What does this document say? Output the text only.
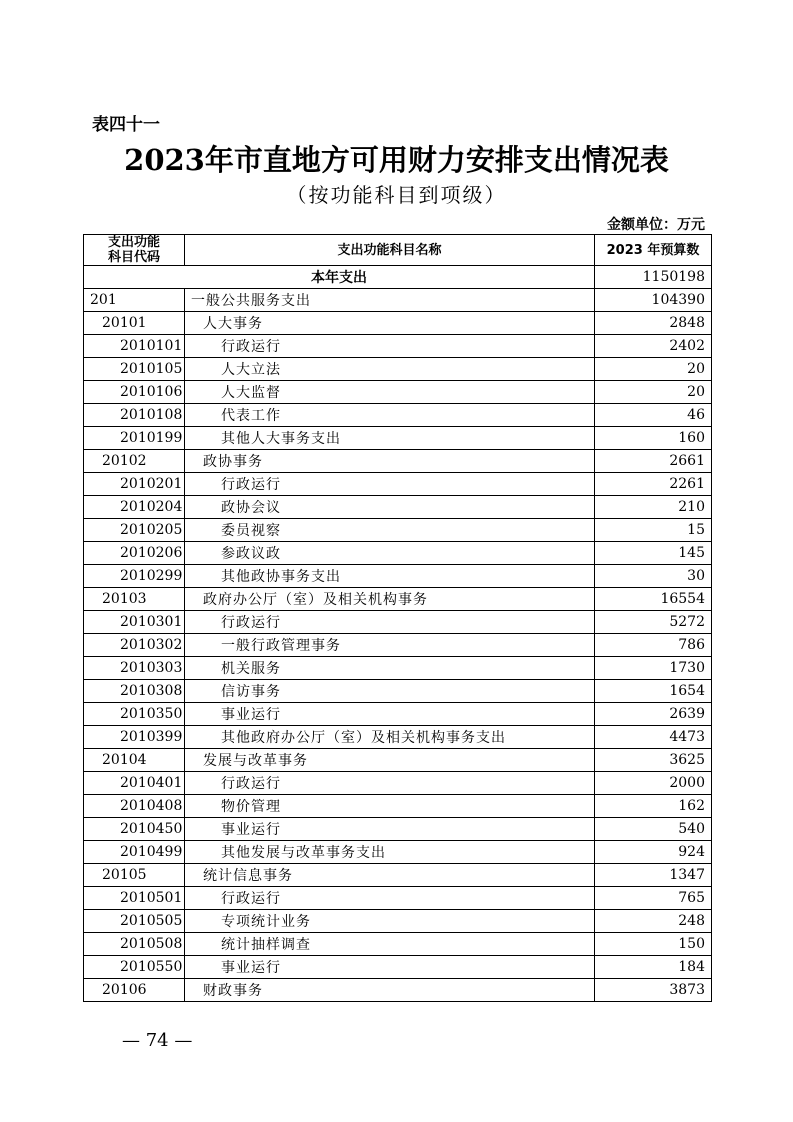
表四十一
2023年市直地方可用财力安排支出情况表
（按功能科目到项级）
金额单位：万元
支出功能
科目代码	支出功能科目名称	2023 年预算数
本年支出		1150198
201	一般公共服务支出	104390
20101	人大事务	2848
2010101	行政运行	2402
2010105	人大立法	20
2010106	人大监督	20
2010108	代表工作	46
2010199	其他人大事务支出	160
20102	政协事务	2661
2010201	行政运行	2261
2010204	政协会议	210
2010205	委员视察	15
2010206	参政议政	145
2010299	其他政协事务支出	30
20103	政府办公厅（室）及相关机构事务	16554
2010301	行政运行	5272
2010302	一般行政管理事务	786
2010303	机关服务	1730
2010308	信访事务	1654
2010350	事业运行	2639
2010399	其他政府办公厅（室）及相关机构事务支出	4473
20104	发展与改革事务	3625
2010401	行政运行	2000
2010408	物价管理	162
2010450	事业运行	540
2010499	其他发展与改革事务支出	924
20105	统计信息事务	1347
2010501	行政运行	765
2010505	专项统计业务	248
2010508	统计抽样调查	150
2010550	事业运行	184
20106	财政事务	3873
— 74 —
